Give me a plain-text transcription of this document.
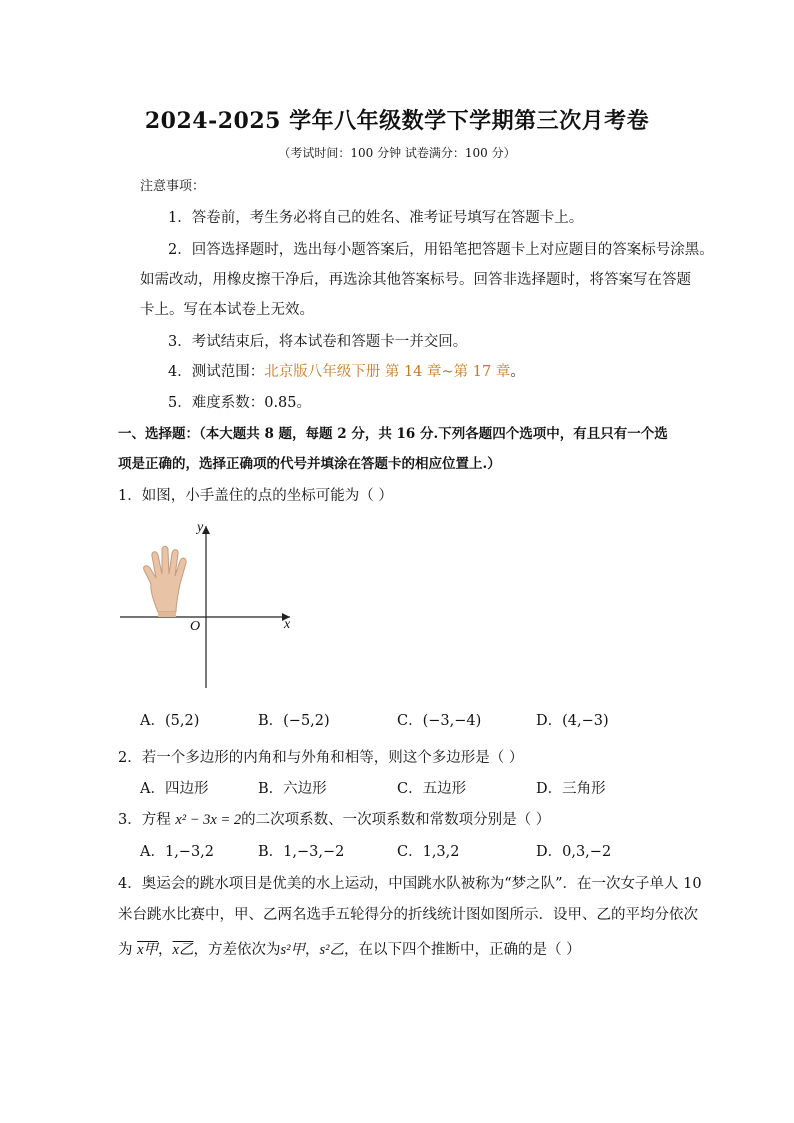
2024-2025 学年八年级数学下学期第三次月考卷
（考试时间：100 分钟 试卷满分：100 分）
注意事项：
1．答卷前，考生务必将自己的姓名、准考证号填写在答题卡上。
2．回答选择题时，选出每小题答案后，用铅笔把答题卡上对应题目的答案标号涂黑。
如需改动，用橡皮擦干净后，再选涂其他答案标号。回答非选择题时，将答案写在答题
卡上。写在本试卷上无效。
3．考试结束后，将本试卷和答题卡一并交回。
4．测试范围：北京版八年级下册 第 14 章~第 17 章。
5．难度系数：0.85。
一、选择题：（本大题共 8 题，每题 2 分，共 16 分.下列各题四个选项中，有且只有一个选
项是正确的，选择正确项的代号并填涂在答题卡的相应位置上.）
1．如图，小手盖住的点的坐标可能为（ ）
y
x
O
A．(5,2)	B．(−5,2)	C．(−3,−4)	D．(4,−3)
2．若一个多边形的内角和与外角和相等，则这个多边形是（ ）
A．四边形	B．六边形	C．五边形	D．三角形
3．方程 x² − 3x = 2的二次项系数、一次项系数和常数项分别是（ ）
A．1,−3,2	B．1,−3,−2	C．1,3,2	D．0,3,−2
4．奥运会的跳水项目是优美的水上运动，中国跳水队被称为“梦之队”．在一次女子单人 10
米台跳水比赛中，甲、乙两名选手五轮得分的折线统计图如图所示．设甲、乙的平均分依次
为 x甲，x乙，方差依次为s²甲，s²乙，在以下四个推断中，正确的是（ ）
